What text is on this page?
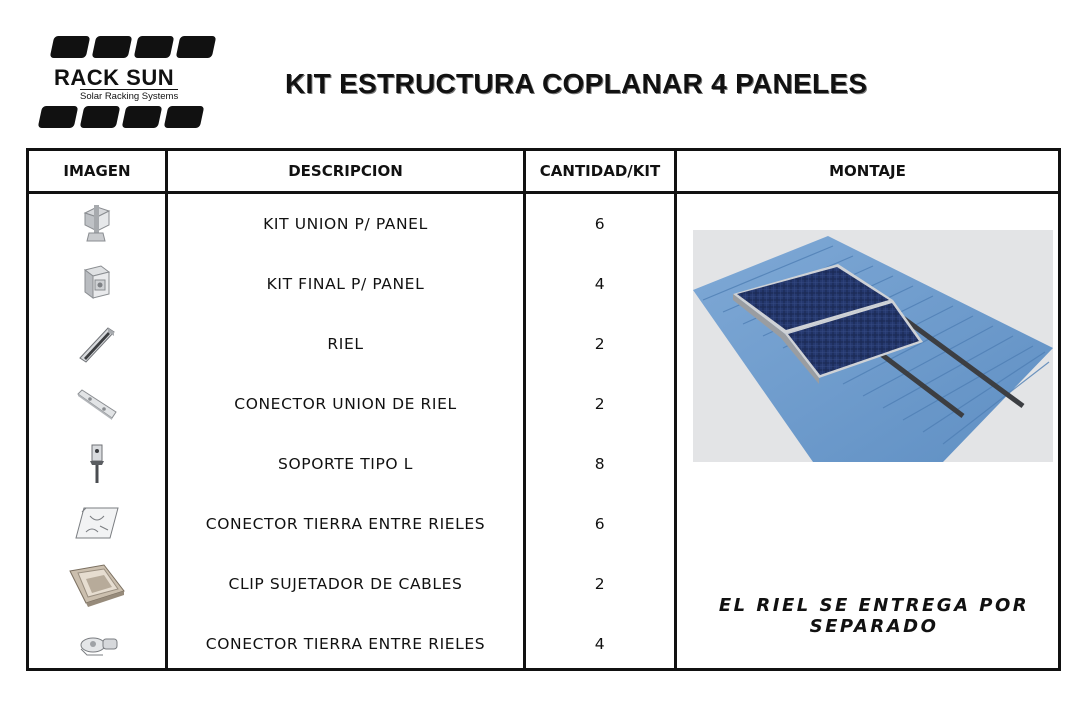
RACK SUN
Solar Racking Systems	KIT ESTRUCTURA COPLANAR 4 PANELES
IMAGEN	DESCRIPCION	CANTIDAD/KIT	MONTAJE
KIT UNION P/ PANEL	6
KIT FINAL P/ PANEL	4
RIEL	2
CONECTOR UNION DE RIEL	2
SOPORTE TIPO L	8
CONECTOR TIERRA ENTRE RIELES	6
CLIP SUJETADOR DE CABLES	2
CONECTOR TIERRA ENTRE RIELES	4
EL RIEL SE ENTREGA POR SEPARADO
